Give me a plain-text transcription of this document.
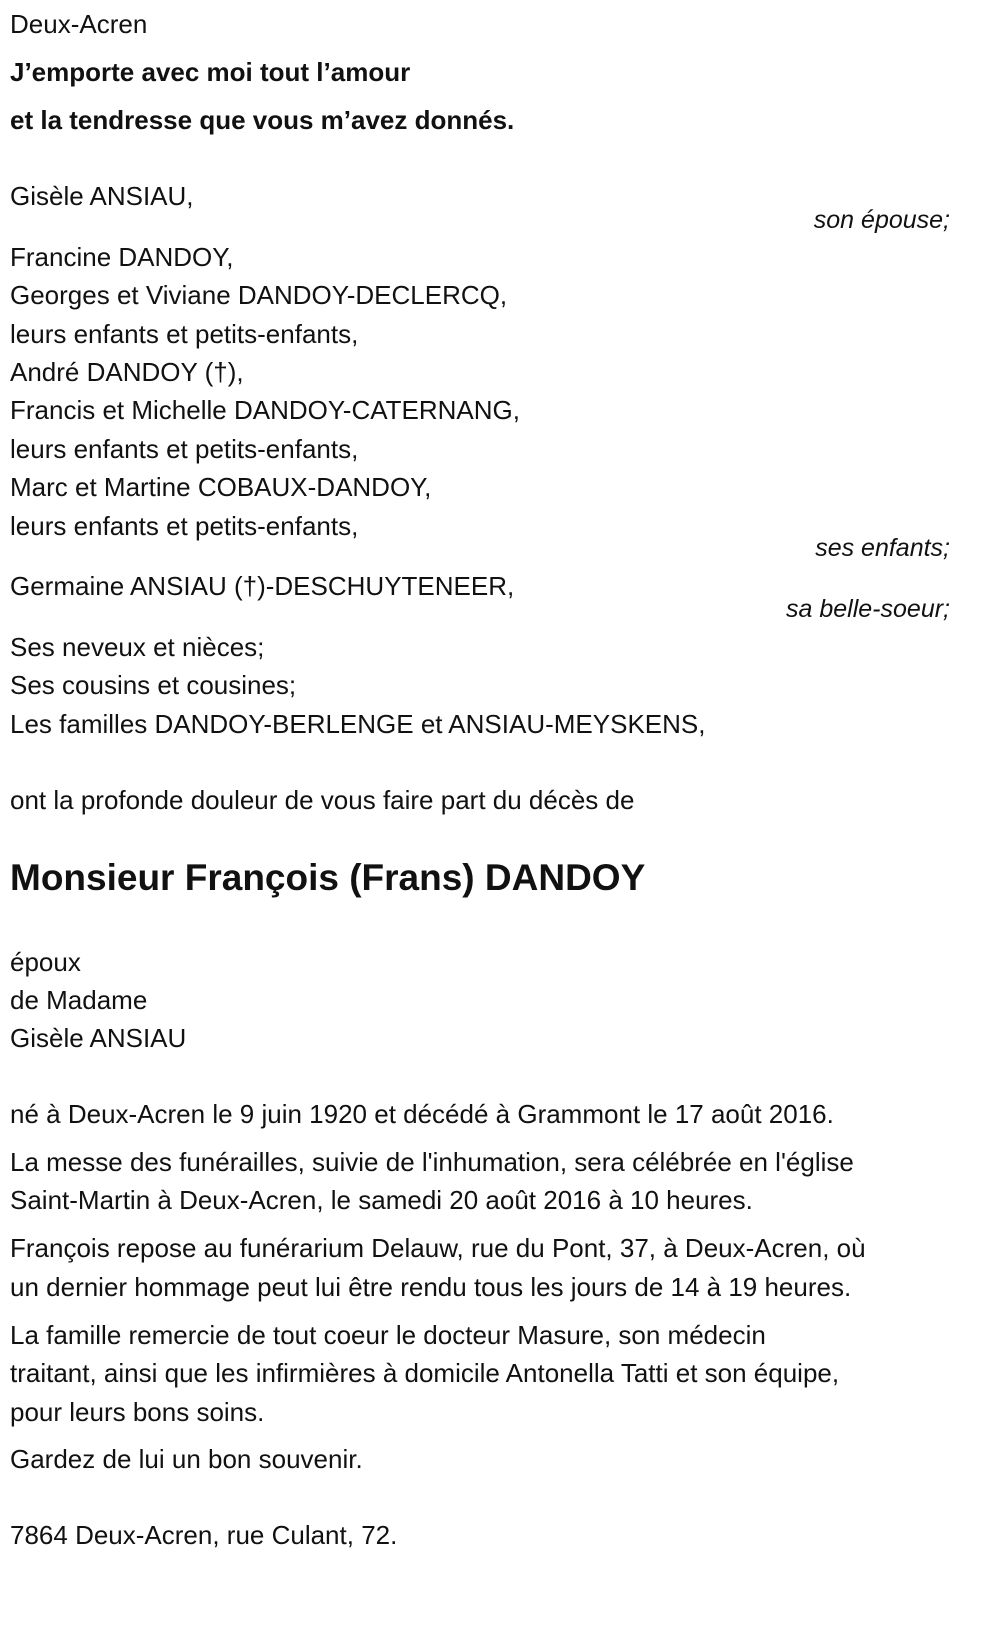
Deux-Acren
J’emporte avec moi tout l’amour
et la tendresse que vous m’avez donnés.
Gisèle ANSIAU,
son épouse;
Francine DANDOY,
Georges et Viviane DANDOY-DECLERCQ,
leurs enfants et petits-enfants,
André DANDOY (†),
Francis et Michelle DANDOY-CATERNANG,
leurs enfants et petits-enfants,
Marc et Martine COBAUX-DANDOY,
leurs enfants et petits-enfants,
ses enfants;
Germaine ANSIAU (†)-DESCHUYTENEER,
sa belle-soeur;
Ses neveux et nièces;
Ses cousins et cousines;
Les familles DANDOY-BERLENGE et ANSIAU-MEYSKENS,
ont la profonde douleur de vous faire part du décès de
Monsieur François (Frans) DANDOY
époux
de Madame
Gisèle ANSIAU
né à Deux-Acren le 9 juin 1920 et décédé à Grammont le 17 août 2016.
La messe des funérailles, suivie de l'inhumation, sera célébrée en l'église
Saint-Martin à Deux-Acren, le samedi 20 août 2016 à 10 heures.
François repose au funérarium Delauw, rue du Pont, 37, à Deux-Acren, où
un dernier hommage peut lui être rendu tous les jours de 14 à 19 heures.
La famille remercie de tout coeur le docteur Masure, son médecin
traitant, ainsi que les infirmières à domicile Antonella Tatti et son équipe,
pour leurs bons soins.
Gardez de lui un bon souvenir.
7864 Deux-Acren, rue Culant, 72.
